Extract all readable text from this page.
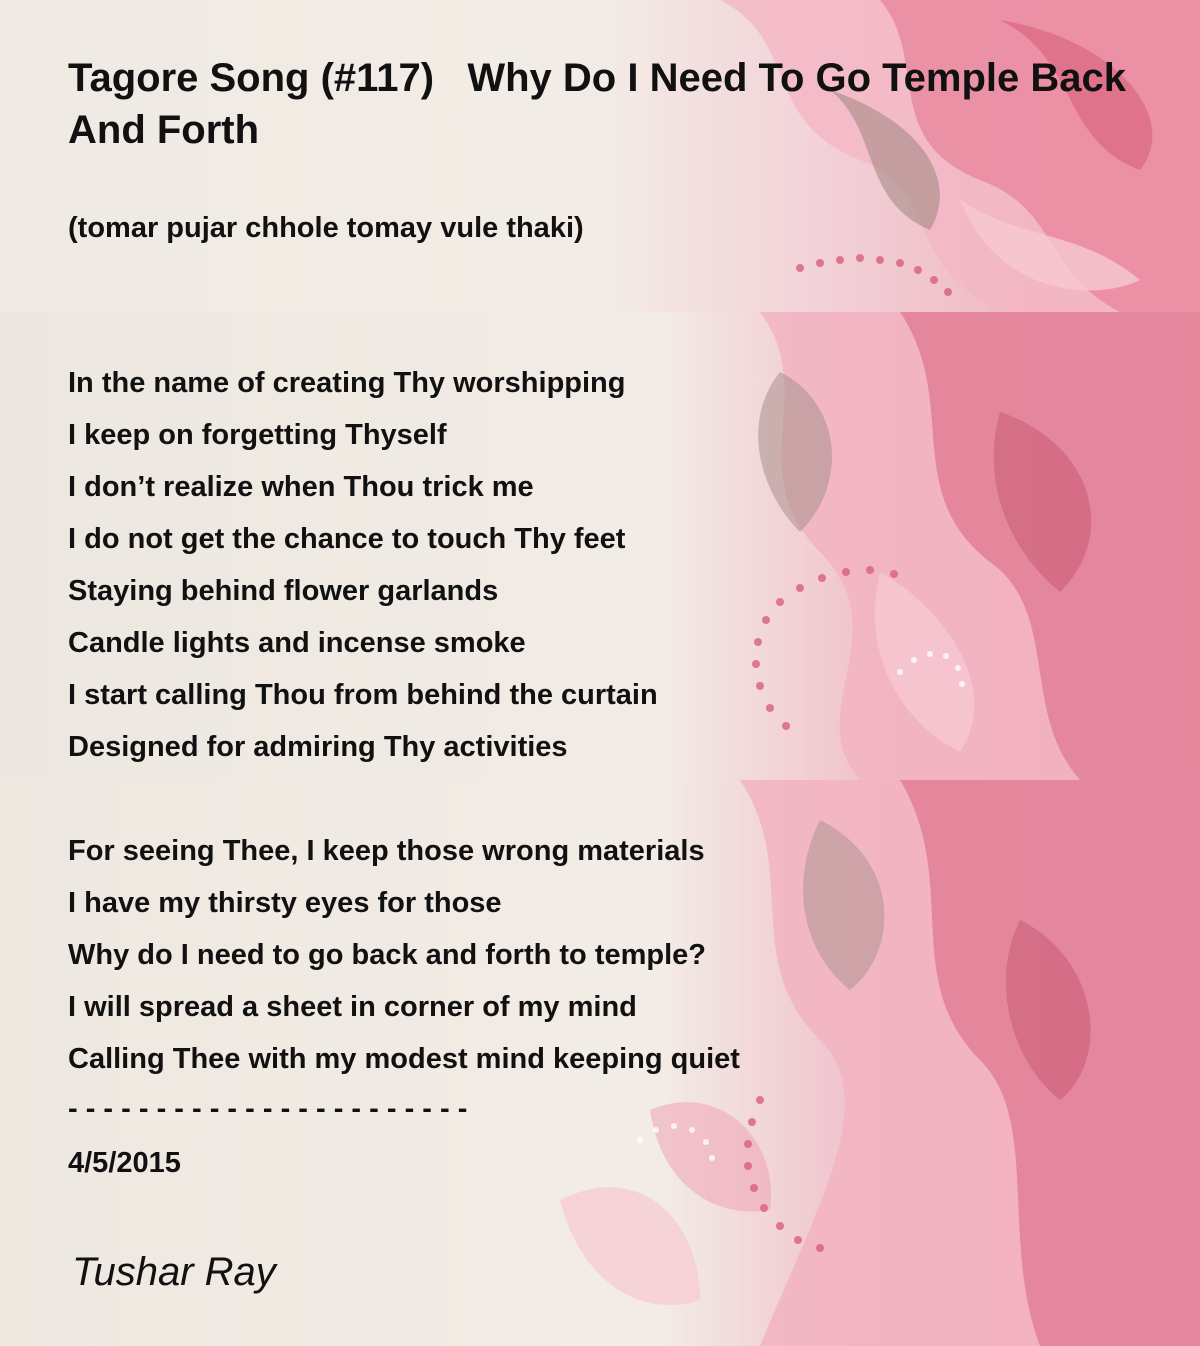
Tagore Song (#117)   Why Do I Need To Go Temple Back And Forth

(tomar pujar chhole tomay vule thaki)

In the name of creating Thy worshipping
I keep on forgetting Thyself
I don’t realize when Thou trick me
I do not get the chance to touch Thy feet
Staying behind flower garlands
Candle lights and incense smoke
I start calling Thou from behind the curtain
Designed for admiring Thy activities
For seeing Thee, I keep those wrong materials
I have my thirsty eyes for those
Why do I need to go back and forth to temple?
I will spread a sheet in corner of my mind
Calling Thee with my modest mind keeping quiet
- - - - - - - - - - - - - - - - - - - - - - -
4/5/2015
Tushar Ray
